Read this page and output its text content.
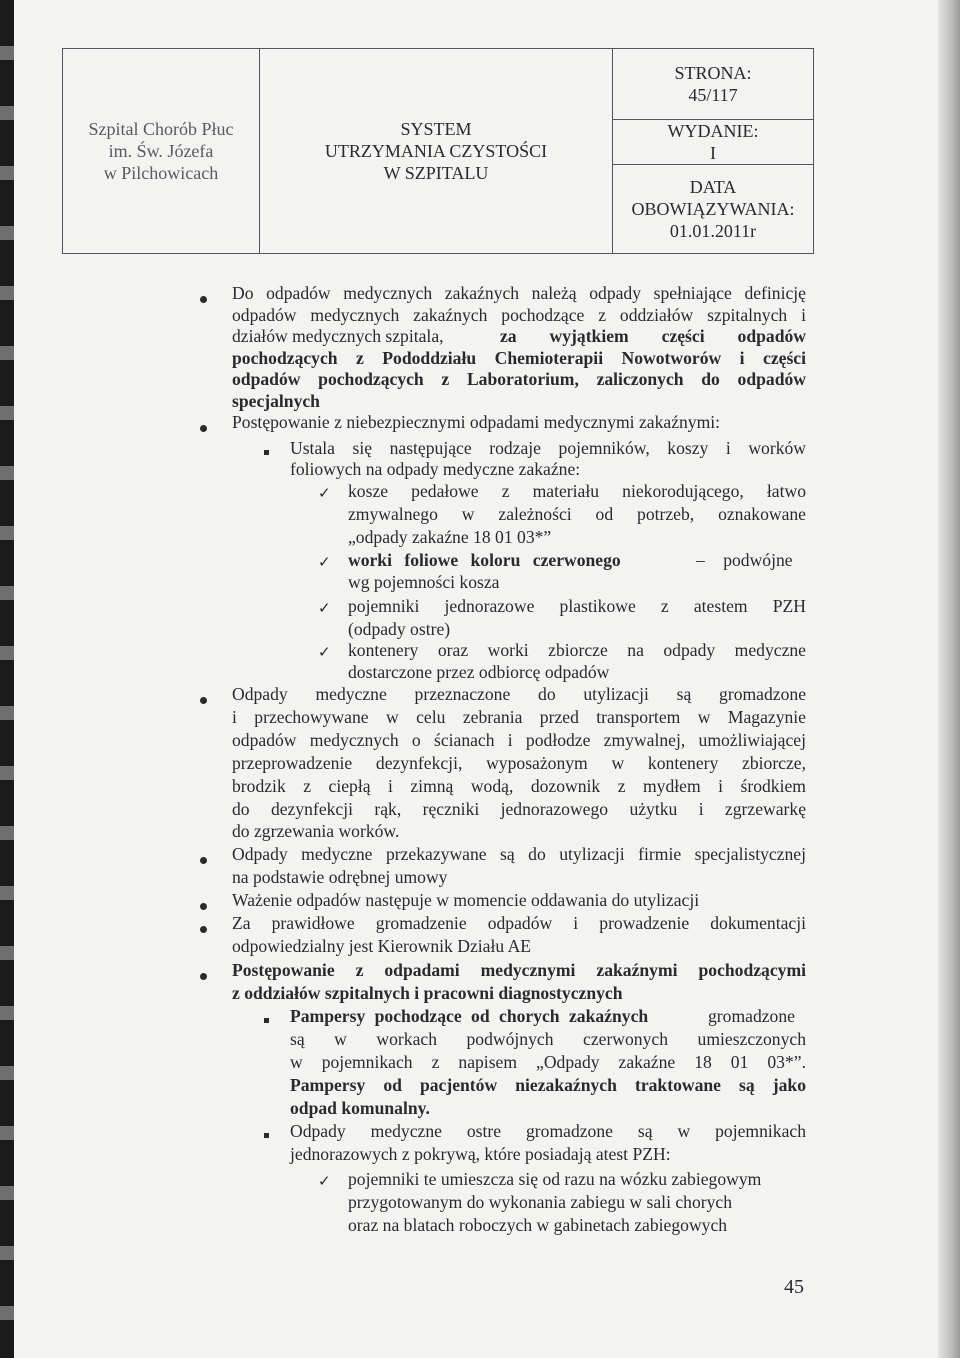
Szpital Chorób Płuc
im. Św. Józefa
w Pilchowicach

SYSTEM
UTRZYMANIA CZYSTOŚCI
W SZPITALU

STRONA:
45/117

WYDANIE:
I

DATA
OBOWIĄZYWANIA:
01.01.2011r
Do odpadów medycznych zakaźnych należą odpady spełniające definicję
odpadów medycznych zakaźnych pochodzące z oddziałów szpitalnych i
działów medycznych szpitala,	za wyjątkiem części odpadów
pochodzących z Pododdziału Chemioterapii Nowotworów i części
odpadów pochodzących z Laboratorium, zaliczonych do odpadów
specjalnych
Postępowanie z niebezpiecznymi odpadami medycznymi zakaźnymi:
Ustala się następujące rodzaje pojemników, koszy i worków
foliowych na odpady medyczne zakaźne:
✓ kosze pedałowe z materiału niekorodującego, łatwo
zmywalnego w zależności od potrzeb, oznakowane
„odpady zakaźne 18 01 03*”
✓ worki foliowe koloru czerwonego	– podwójne
wg pojemności kosza
✓ pojemniki jednorazowe plastikowe z atestem PZH
(odpady ostre)
✓ kontenery oraz worki zbiorcze na odpady medyczne
dostarczone przez odbiorcę odpadów
Odpady medyczne przeznaczone do utylizacji są gromadzone
i przechowywane w celu zebrania przed transportem w Magazynie
odpadów medycznych o ścianach i podłodze zmywalnej, umożliwiającej
przeprowadzenie dezynfekcji, wyposażonym w kontenery zbiorcze,
brodzik z ciepłą i zimną wodą, dozownik z mydłem i środkiem
do dezynfekcji rąk, ręczniki jednorazowego użytku i zgrzewarkę
do zgrzewania worków.
Odpady medyczne przekazywane są do utylizacji firmie specjalistycznej
na podstawie odrębnej umowy
Ważenie odpadów następuje w momencie oddawania do utylizacji
Za prawidłowe gromadzenie odpadów i prowadzenie dokumentacji
odpowiedzialny jest Kierownik Działu AE
Postępowanie z odpadami medycznymi zakaźnymi pochodzącymi
z oddziałów szpitalnych i pracowni diagnostycznych
Pampersy pochodzące od chorych zakaźnych	gromadzone
są w workach podwójnych czerwonych umieszczonych
w pojemnikach z napisem „Odpady zakaźne 18 01 03*”.
Pampersy od pacjentów niezakaźnych traktowane są jako
odpad komunalny.
Odpady medyczne ostre gromadzone są w pojemnikach
jednorazowych z pokrywą, które posiadają atest PZH:
✓ pojemniki te umieszcza się od razu na wózku zabiegowym
przygotowanym do wykonania zabiegu w sali chorych
oraz na blatach roboczych w gabinetach zabiegowych
45
